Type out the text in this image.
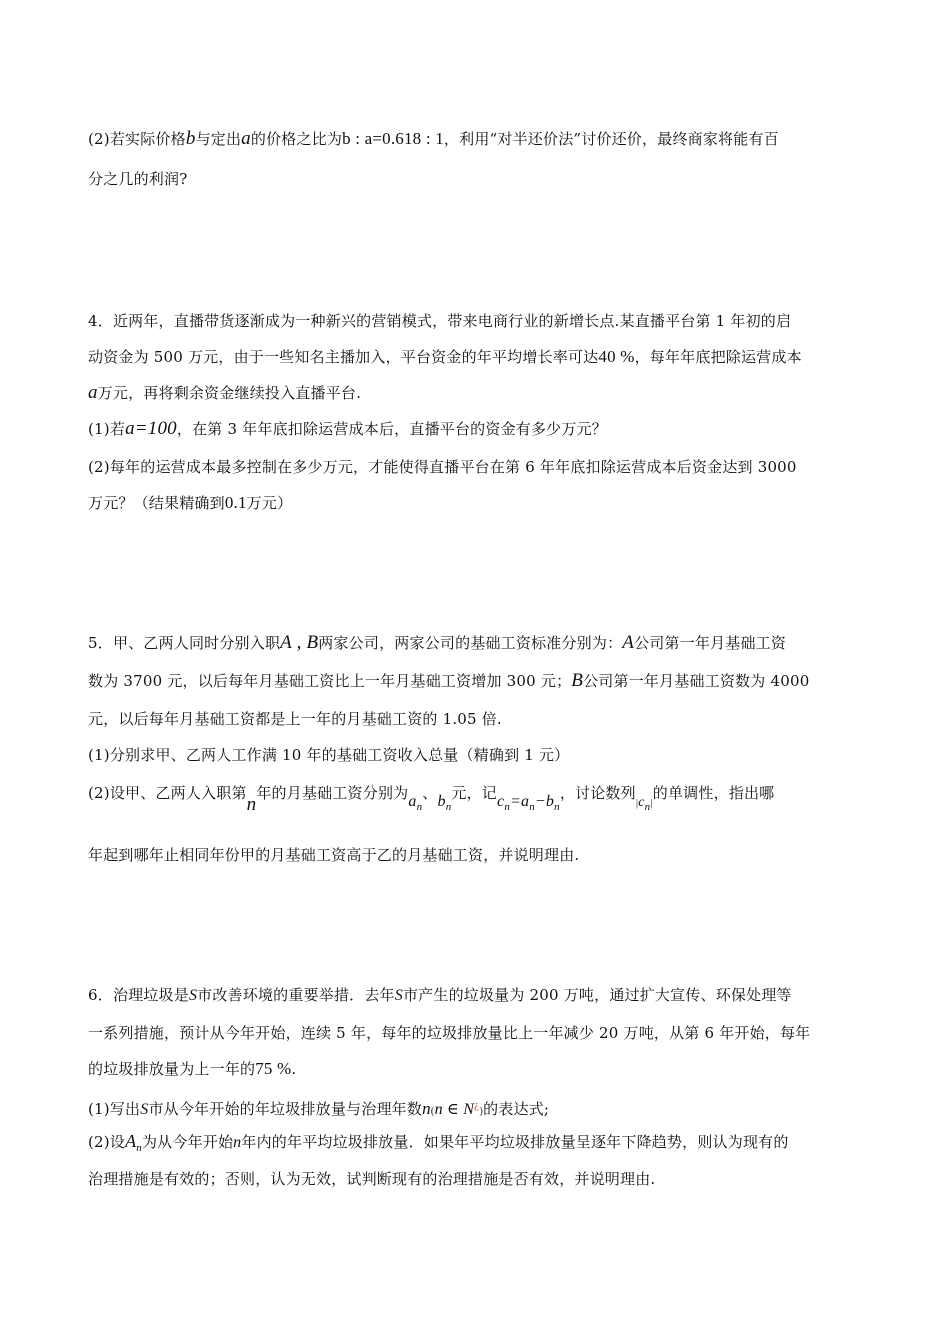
(2)若实际价格b与定出a的价格之比为b : a=0.618 : 1，利用“对半还价法”讨价还价，最终商家将能有百
分之几的利润?
4．近两年，直播带货逐渐成为一种新兴的营销模式，带来电商行业的新增长点.某直播平台第 1 年初的启
动资金为 500 万元，由于一些知名主播加入，平台资金的年平均增长率可达40 %，每年年底把除运营成本
a万元，再将剩余资金继续投入直播平台.
(1)若a=100，在第 3 年年底扣除运营成本后，直播平台的资金有多少万元？
(2)每年的运营成本最多控制在多少万元，才能使得直播平台在第 6 年年底扣除运营成本后资金达到 3000
万元？（结果精确到0.1万元）
5．甲、乙两人同时分别入职A , B两家公司，两家公司的基础工资标准分别为：A公司第一年月基础工资
数为 3700 元，以后每年月基础工资比上一年月基础工资增加 300 元；B公司第一年月基础工资数为 4000
元，以后每年月基础工资都是上一年的月基础工资的 1.05 倍.
(1)分别求甲、乙两人工作满 10 年的基础工资收入总量（精确到 1 元）
(2)设甲、乙两人入职第n年的月基础工资分别为$a_n$、$b_n$元，记$c_n=a_n-b_n$，讨论数列$|c_n|$的单调性，指出哪
年起到哪年止相同年份甲的月基础工资高于乙的月基础工资，并说明理由.
6．治理垃圾是S市改善环境的重要举措．去年S市产生的垃圾量为 200 万吨，通过扩大宣传、环保处理等
一系列措施，预计从今年开始，连续 5 年，每年的垃圾排放量比上一年减少 20 万吨，从第 6 年开始，每年
的垃圾排放量为上一年的75 %.
(1)写出S市从今年开始的年垃圾排放量与治理年数n(n ∈ N¿)的表达式;
(2)设$A_n$为从今年开始n年内的年平均垃圾排放量．如果年平均垃圾排放量呈逐年下降趋势，则认为现有的
治理措施是有效的；否则，认为无效，试判断现有的治理措施是否有效，并说明理由.
